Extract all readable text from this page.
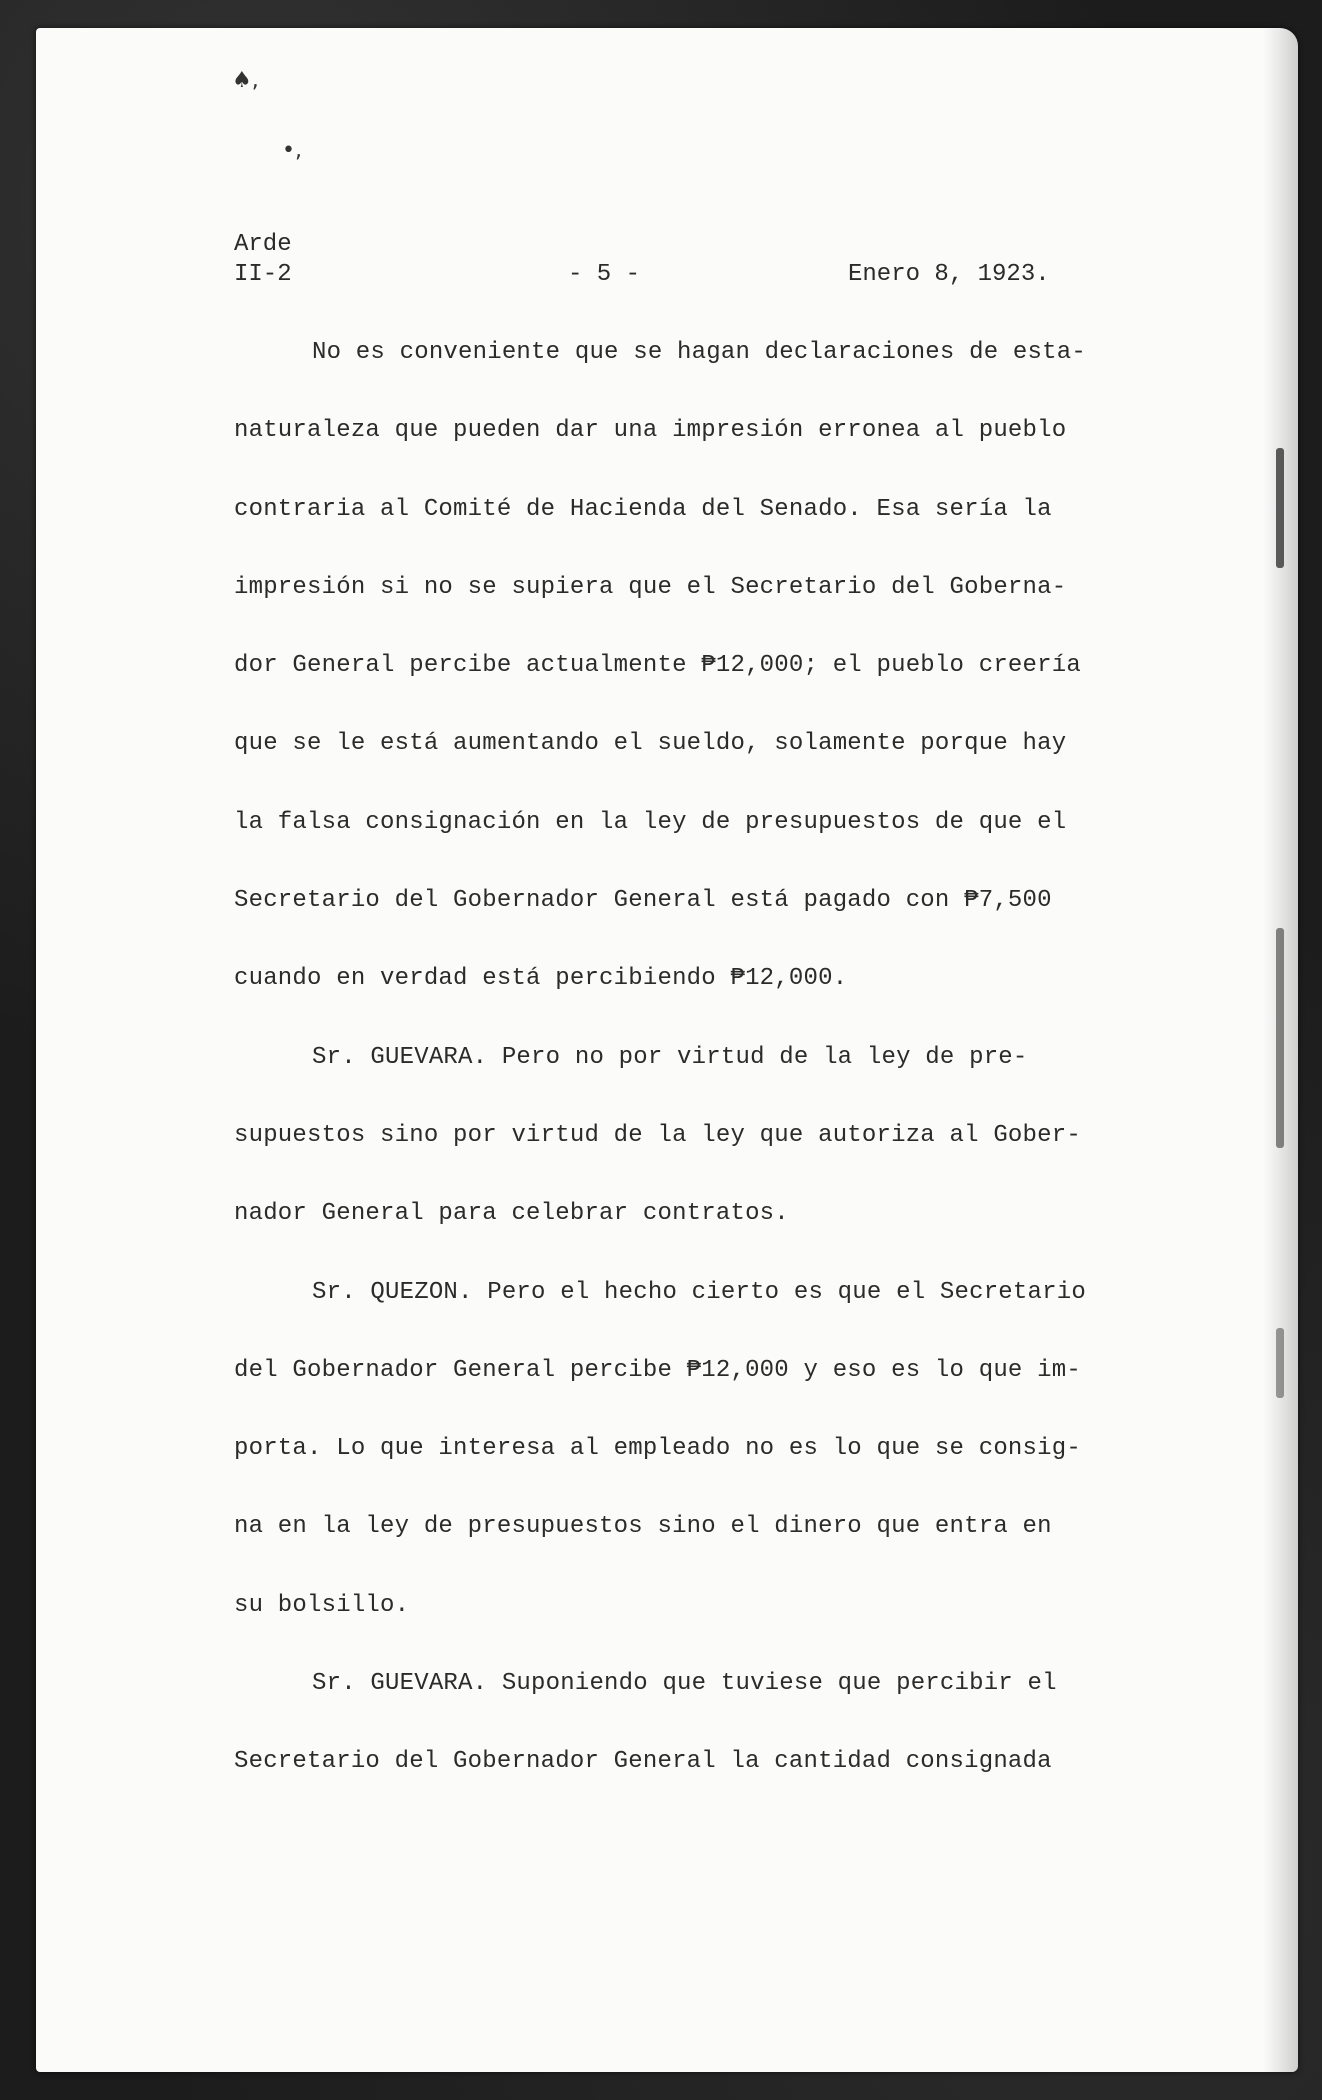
♠,
•,
Arde
II-2	- 5 -	Enero 8, 1923.
No es conveniente que se hagan declaraciones de esta-
naturaleza que pueden dar una impresión erronea al pueblo
contraria al Comité de Hacienda del Senado. Esa sería la
impresión si no se supiera que el Secretario del Goberna-
dor General percibe actualmente ₱12,000; el pueblo creería
que se le está aumentando el sueldo, solamente porque hay
la falsa consignación en la ley de presupuestos de que el
Secretario del Gobernador General está pagado con ₱7,500
cuando en verdad está percibiendo ₱12,000.
Sr. GUEVARA. Pero no por virtud de la ley de pre-
supuestos sino por virtud de la ley que autoriza al Gober-
nador General para celebrar contratos.
Sr. QUEZON. Pero el hecho cierto es que el Secretario
del Gobernador General percibe ₱12,000 y eso es lo que im-
porta. Lo que interesa al empleado no es lo que se consig-
na en la ley de presupuestos sino el dinero que entra en
su bolsillo.
Sr. GUEVARA. Suponiendo que tuviese que percibir el
Secretario del Gobernador General la cantidad consignada
